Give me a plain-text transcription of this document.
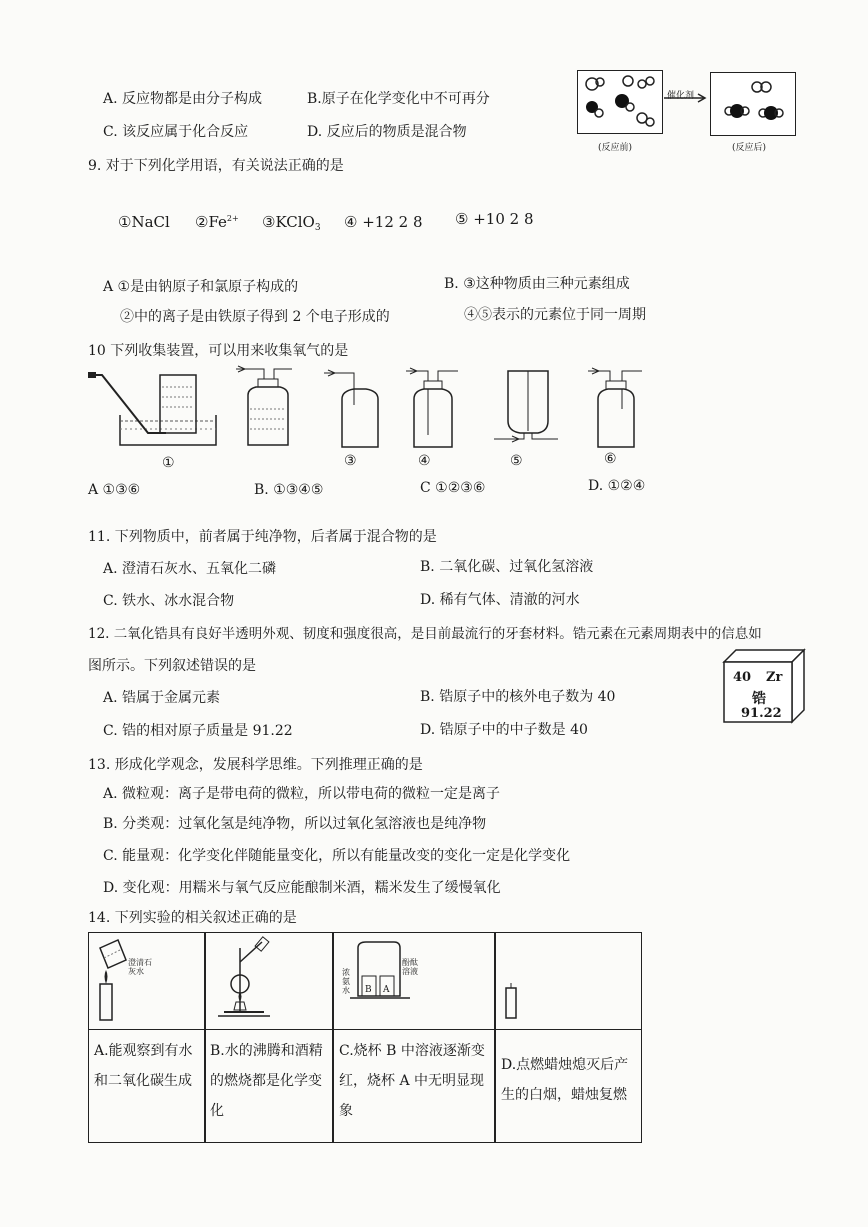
A. 反应物都是由分子构成	B.原子在化学变化中不可再分
C. 该反应属于化合反应	D. 反应后的物质是混合物
催化剂
(反应前)	(反应后)
9. 对于下列化学用语，有关说法正确的是
①NaCl $②Fe^{2+}$ ③KClO$_3$ ④ +12 2 8 ⑤ +10 2 8
A ①是由钠原子和氯原子构成的	B. ③这种物质由三种元素组成
②中的离子是由铁原子得到 2 个电子形成的	④⑤表示的元素位于同一周期
10 下列收集装置，可以用来收集氧气的是
①	③	④	⑤	⑥
A ①③⑥	B. ①③④⑤	C ①②③⑥	D. ①②④
11. 下列物质中，前者属于纯净物，后者属于混合物的是
A. 澄清石灰水、五氧化二磷	B. 二氧化碳、过氧化氢溶液
C. 铁水、冰水混合物	D. 稀有气体、清澈的河水
12. 二氧化锆具有良好半透明外观、韧度和强度很高，是目前最流行的牙套材料。锆元素在元素周期表中的信息如
图所示。下列叙述错误的是
A. 锆属于金属元素	B. 锆原子中的核外电子数为 40
C. 锆的相对原子质量是 91.22	D. 锆原子中的中子数是 40
40 Zr
锆
91.22
13. 形成化学观念，发展科学思维。下列推理正确的是
A. 微粒观：离子是带电荷的微粒，所以带电荷的微粒一定是离子
B. 分类观：过氧化氢是纯净物，所以过氧化氢溶液也是纯净物
C. 能量观：化学变化伴随能量变化，所以有能量改变的变化一定是化学变化
D. 变化观：用糯米与氧气反应能酿制米酒，糯米发生了缓慢氧化
14. 下列实验的相关叙述正确的是
澄清石灰水	浓氨水
酚酞溶液
B A
A.能观察到有水和二氧化碳生成
B.水的沸腾和酒精的燃烧都是化学变化
C.烧杯 B 中溶液逐渐变红，烧杯 A 中无明显现象
D.点燃蜡烛熄灭后产生的白烟，蜡烛复燃
